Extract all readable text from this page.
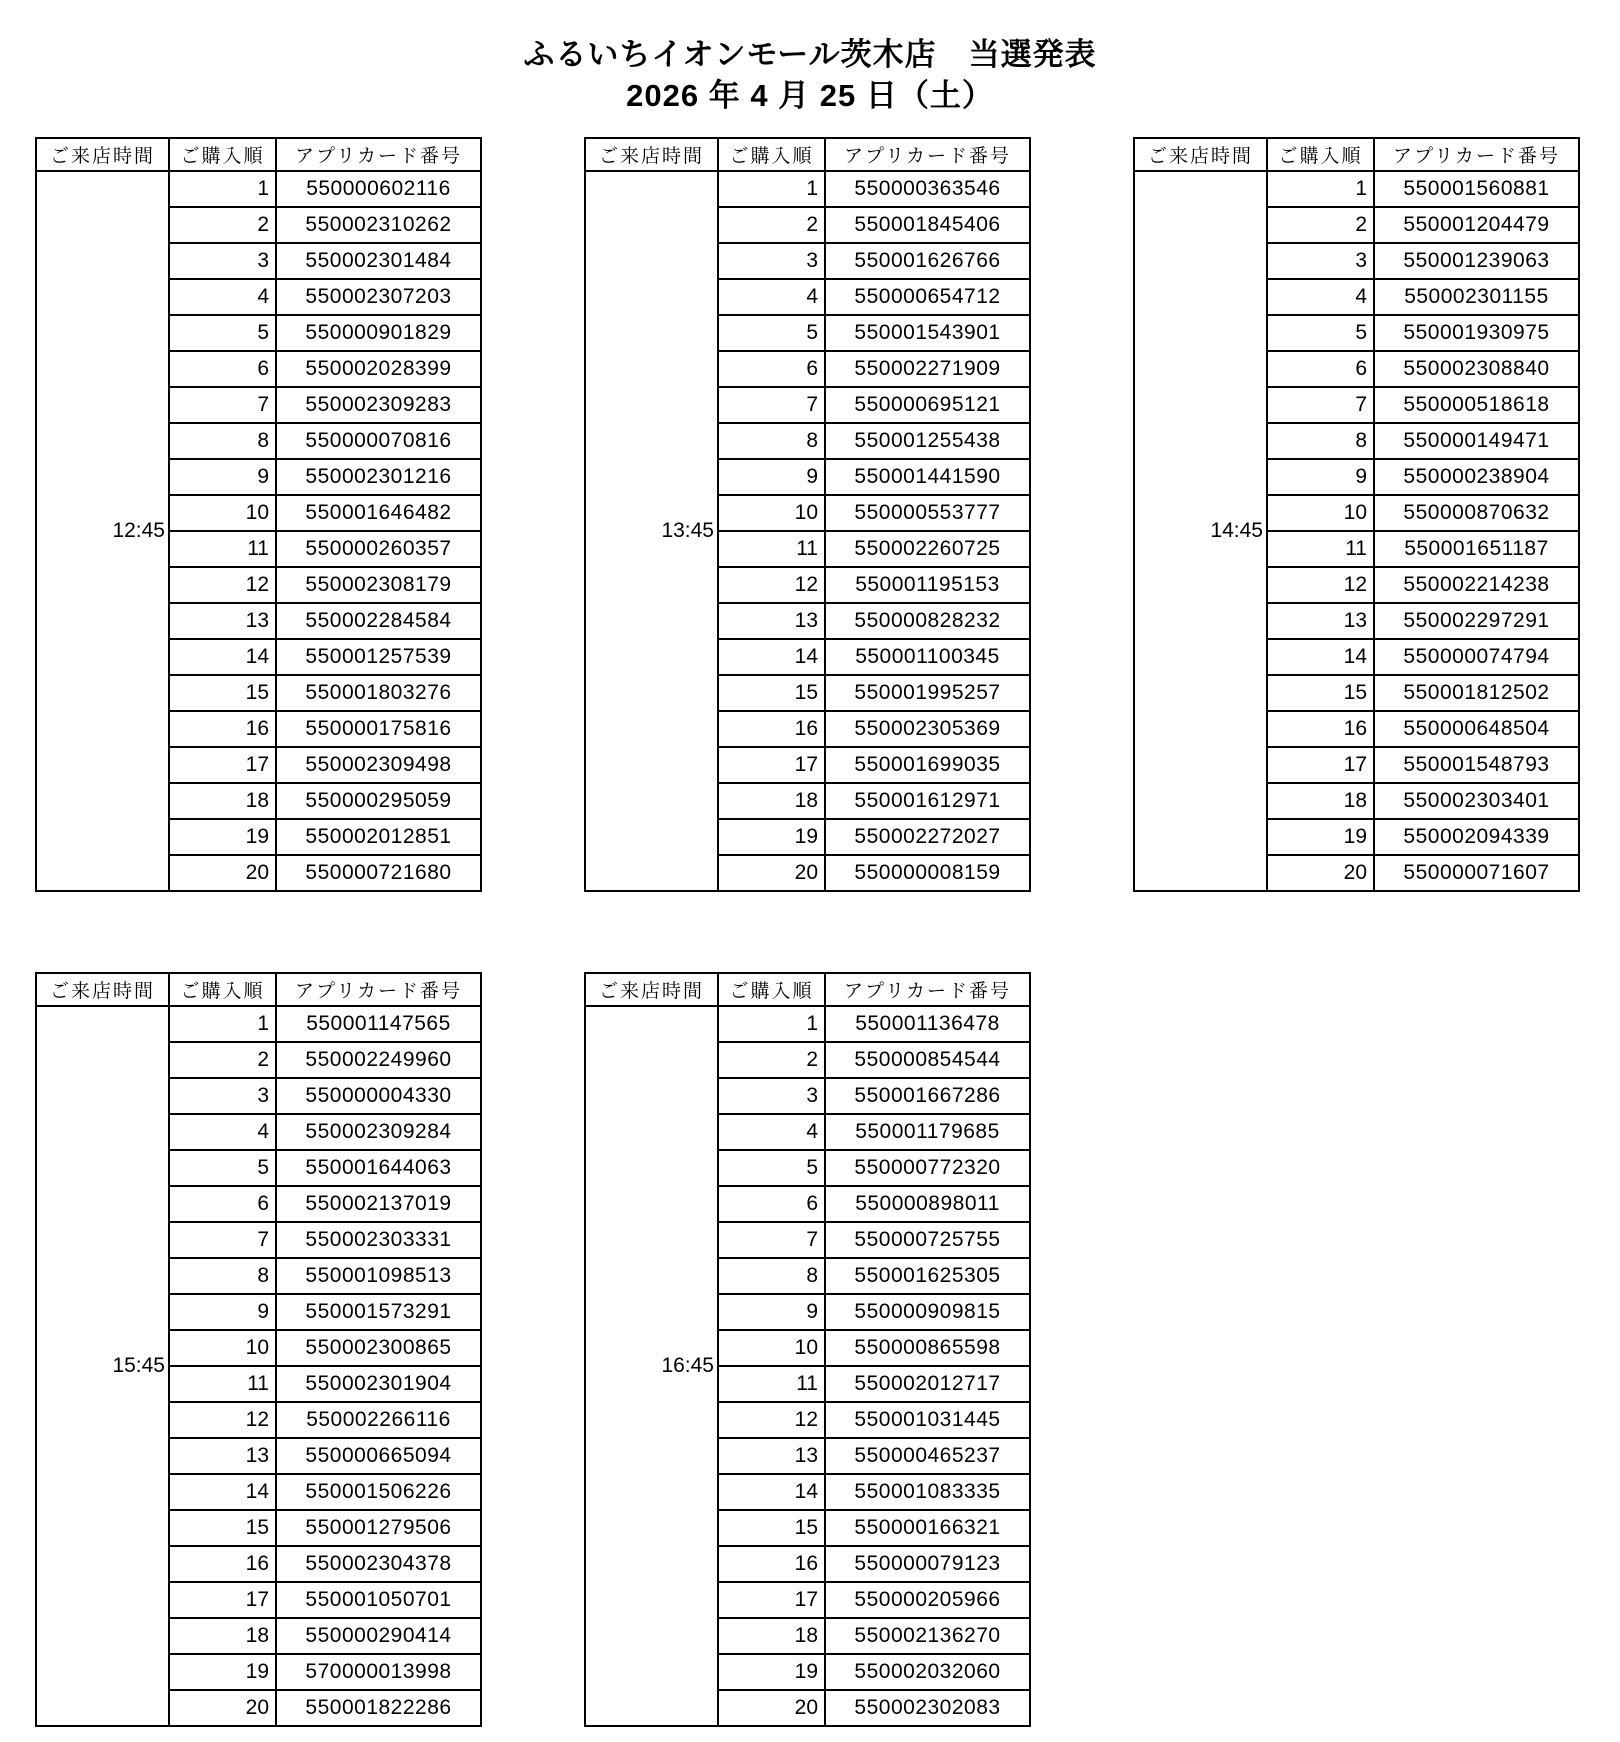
ふるいちイオンモール茨木店　当選発表
2026 年 4 月 25 日（土）
ご来店時間	ご購入順	アプリカード番号
12:45	1	550000602116
	2	550002310262
	3	550002301484
	4	550002307203
	5	550000901829
	6	550002028399
	7	550002309283
	8	550000070816
	9	550002301216
	10	550001646482
	11	550000260357
	12	550002308179
	13	550002284584
	14	550001257539
	15	550001803276
	16	550000175816
	17	550002309498
	18	550000295059
	19	550002012851
	20	550000721680
ご来店時間	ご購入順	アプリカード番号
13:45	1	550000363546
	2	550001845406
	3	550001626766
	4	550000654712
	5	550001543901
	6	550002271909
	7	550000695121
	8	550001255438
	9	550001441590
	10	550000553777
	11	550002260725
	12	550001195153
	13	550000828232
	14	550001100345
	15	550001995257
	16	550002305369
	17	550001699035
	18	550001612971
	19	550002272027
	20	550000008159
ご来店時間	ご購入順	アプリカード番号
14:45	1	550001560881
	2	550001204479
	3	550001239063
	4	550002301155
	5	550001930975
	6	550002308840
	7	550000518618
	8	550000149471
	9	550000238904
	10	550000870632
	11	550001651187
	12	550002214238
	13	550002297291
	14	550000074794
	15	550001812502
	16	550000648504
	17	550001548793
	18	550002303401
	19	550002094339
	20	550000071607
ご来店時間	ご購入順	アプリカード番号
15:45	1	550001147565
	2	550002249960
	3	550000004330
	4	550002309284
	5	550001644063
	6	550002137019
	7	550002303331
	8	550001098513
	9	550001573291
	10	550002300865
	11	550002301904
	12	550002266116
	13	550000665094
	14	550001506226
	15	550001279506
	16	550002304378
	17	550001050701
	18	550000290414
	19	570000013998
	20	550001822286
ご来店時間	ご購入順	アプリカード番号
16:45	1	550001136478
	2	550000854544
	3	550001667286
	4	550001179685
	5	550000772320
	6	550000898011
	7	550000725755
	8	550001625305
	9	550000909815
	10	550000865598
	11	550002012717
	12	550001031445
	13	550000465237
	14	550001083335
	15	550000166321
	16	550000079123
	17	550000205966
	18	550002136270
	19	550002032060
	20	550002302083
